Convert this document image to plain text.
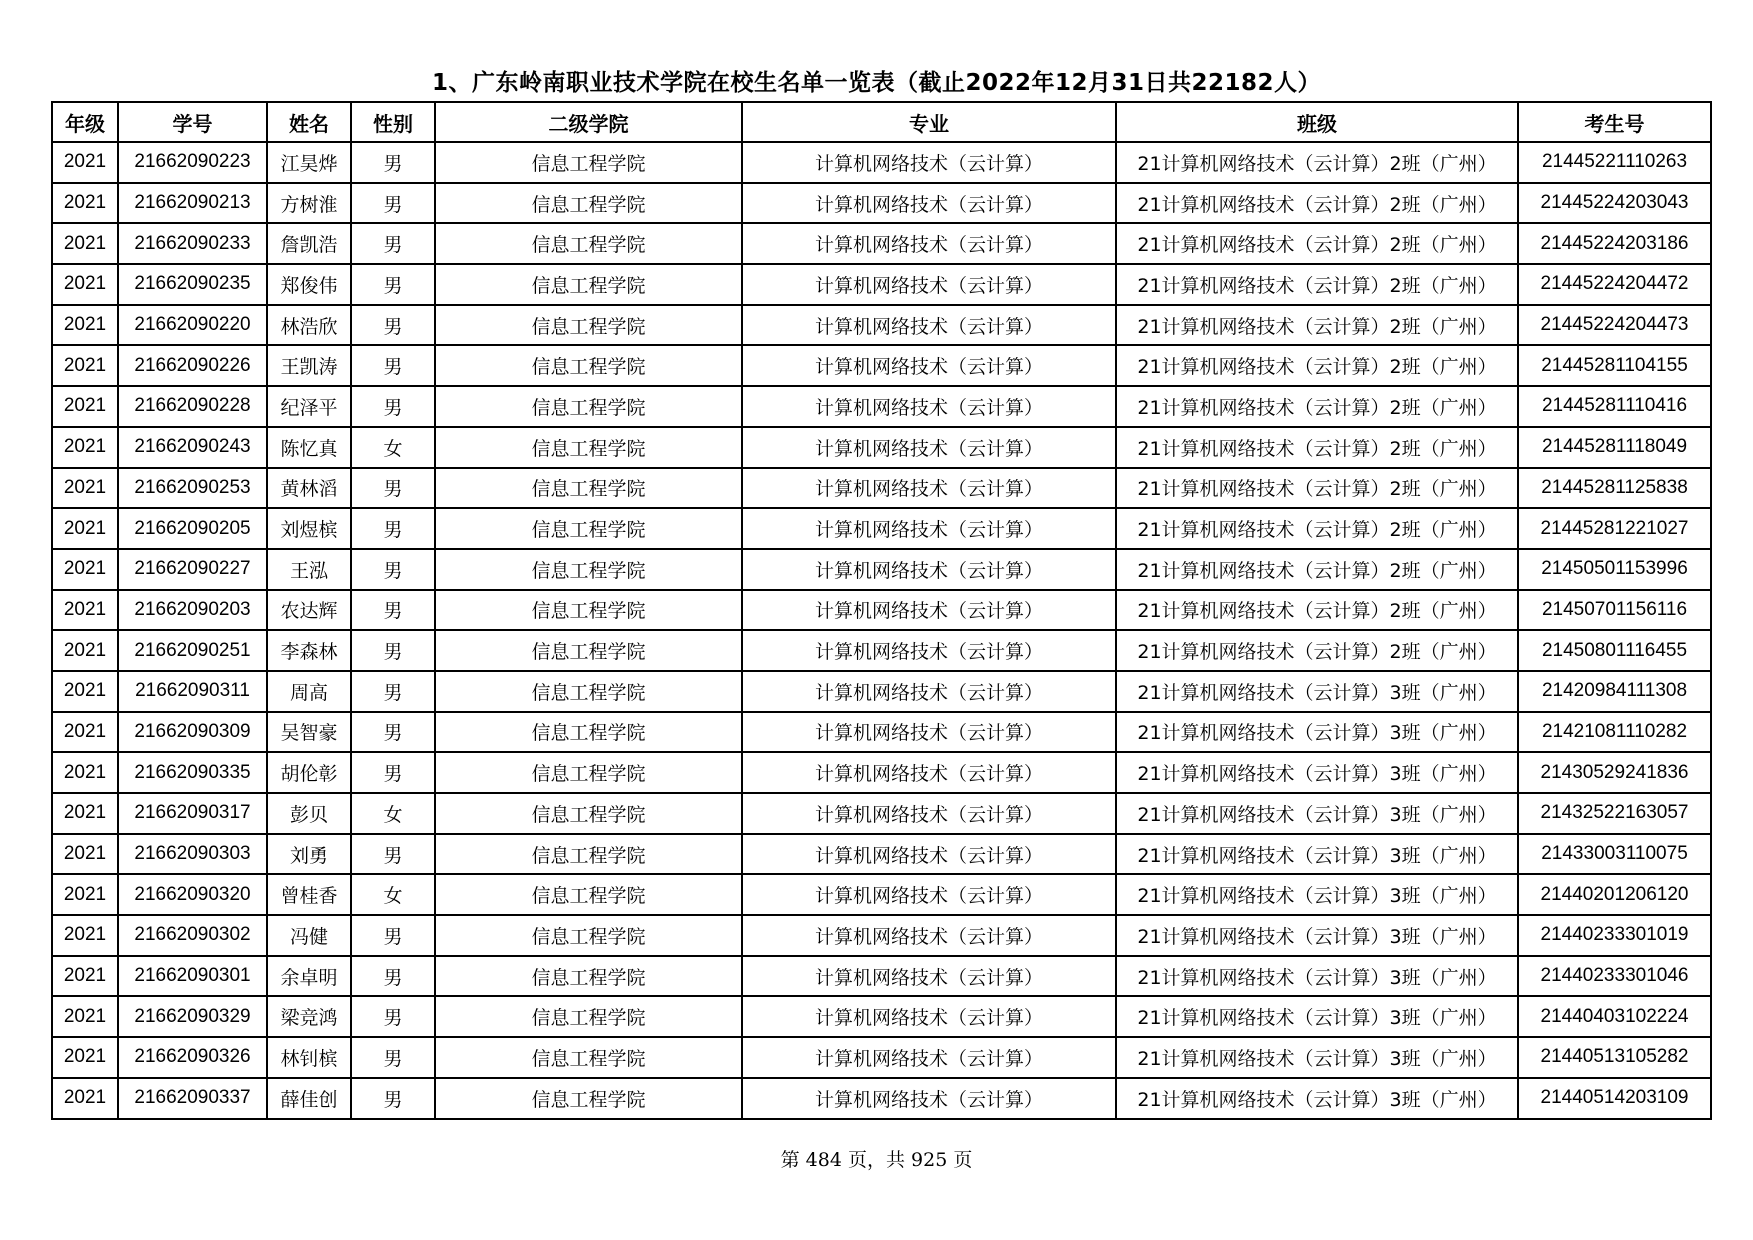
1、广东岭南职业技术学院在校生名单一览表（截止2022年12月31日共22182人）
年级	学号	姓名	性别	二级学院	专业	班级	考生号
2021	21662090223	江昊烨	男	信息工程学院	计算机网络技术（云计算）	21计算机网络技术（云计算）2班（广州）	21445221110263
2021	21662090213	方树淮	男	信息工程学院	计算机网络技术（云计算）	21计算机网络技术（云计算）2班（广州）	21445224203043
2021	21662090233	詹凯浩	男	信息工程学院	计算机网络技术（云计算）	21计算机网络技术（云计算）2班（广州）	21445224203186
2021	21662090235	郑俊伟	男	信息工程学院	计算机网络技术（云计算）	21计算机网络技术（云计算）2班（广州）	21445224204472
2021	21662090220	林浩欣	男	信息工程学院	计算机网络技术（云计算）	21计算机网络技术（云计算）2班（广州）	21445224204473
2021	21662090226	王凯涛	男	信息工程学院	计算机网络技术（云计算）	21计算机网络技术（云计算）2班（广州）	21445281104155
2021	21662090228	纪泽平	男	信息工程学院	计算机网络技术（云计算）	21计算机网络技术（云计算）2班（广州）	21445281110416
2021	21662090243	陈忆真	女	信息工程学院	计算机网络技术（云计算）	21计算机网络技术（云计算）2班（广州）	21445281118049
2021	21662090253	黄林滔	男	信息工程学院	计算机网络技术（云计算）	21计算机网络技术（云计算）2班（广州）	21445281125838
2021	21662090205	刘煜槟	男	信息工程学院	计算机网络技术（云计算）	21计算机网络技术（云计算）2班（广州）	21445281221027
2021	21662090227	王泓	男	信息工程学院	计算机网络技术（云计算）	21计算机网络技术（云计算）2班（广州）	21450501153996
2021	21662090203	农达辉	男	信息工程学院	计算机网络技术（云计算）	21计算机网络技术（云计算）2班（广州）	21450701156116
2021	21662090251	李森林	男	信息工程学院	计算机网络技术（云计算）	21计算机网络技术（云计算）2班（广州）	21450801116455
2021	21662090311	周高	男	信息工程学院	计算机网络技术（云计算）	21计算机网络技术（云计算）3班（广州）	21420984111308
2021	21662090309	吴智豪	男	信息工程学院	计算机网络技术（云计算）	21计算机网络技术（云计算）3班（广州）	21421081110282
2021	21662090335	胡伦彰	男	信息工程学院	计算机网络技术（云计算）	21计算机网络技术（云计算）3班（广州）	21430529241836
2021	21662090317	彭贝	女	信息工程学院	计算机网络技术（云计算）	21计算机网络技术（云计算）3班（广州）	21432522163057
2021	21662090303	刘勇	男	信息工程学院	计算机网络技术（云计算）	21计算机网络技术（云计算）3班（广州）	21433003110075
2021	21662090320	曾桂香	女	信息工程学院	计算机网络技术（云计算）	21计算机网络技术（云计算）3班（广州）	21440201206120
2021	21662090302	冯健	男	信息工程学院	计算机网络技术（云计算）	21计算机网络技术（云计算）3班（广州）	21440233301019
2021	21662090301	余卓明	男	信息工程学院	计算机网络技术（云计算）	21计算机网络技术（云计算）3班（广州）	21440233301046
2021	21662090329	梁竞鸿	男	信息工程学院	计算机网络技术（云计算）	21计算机网络技术（云计算）3班（广州）	21440403102224
2021	21662090326	林钊槟	男	信息工程学院	计算机网络技术（云计算）	21计算机网络技术（云计算）3班（广州）	21440513105282
2021	21662090337	薛佳创	男	信息工程学院	计算机网络技术（云计算）	21计算机网络技术（云计算）3班（广州）	21440514203109
第 484 页，共 925 页
